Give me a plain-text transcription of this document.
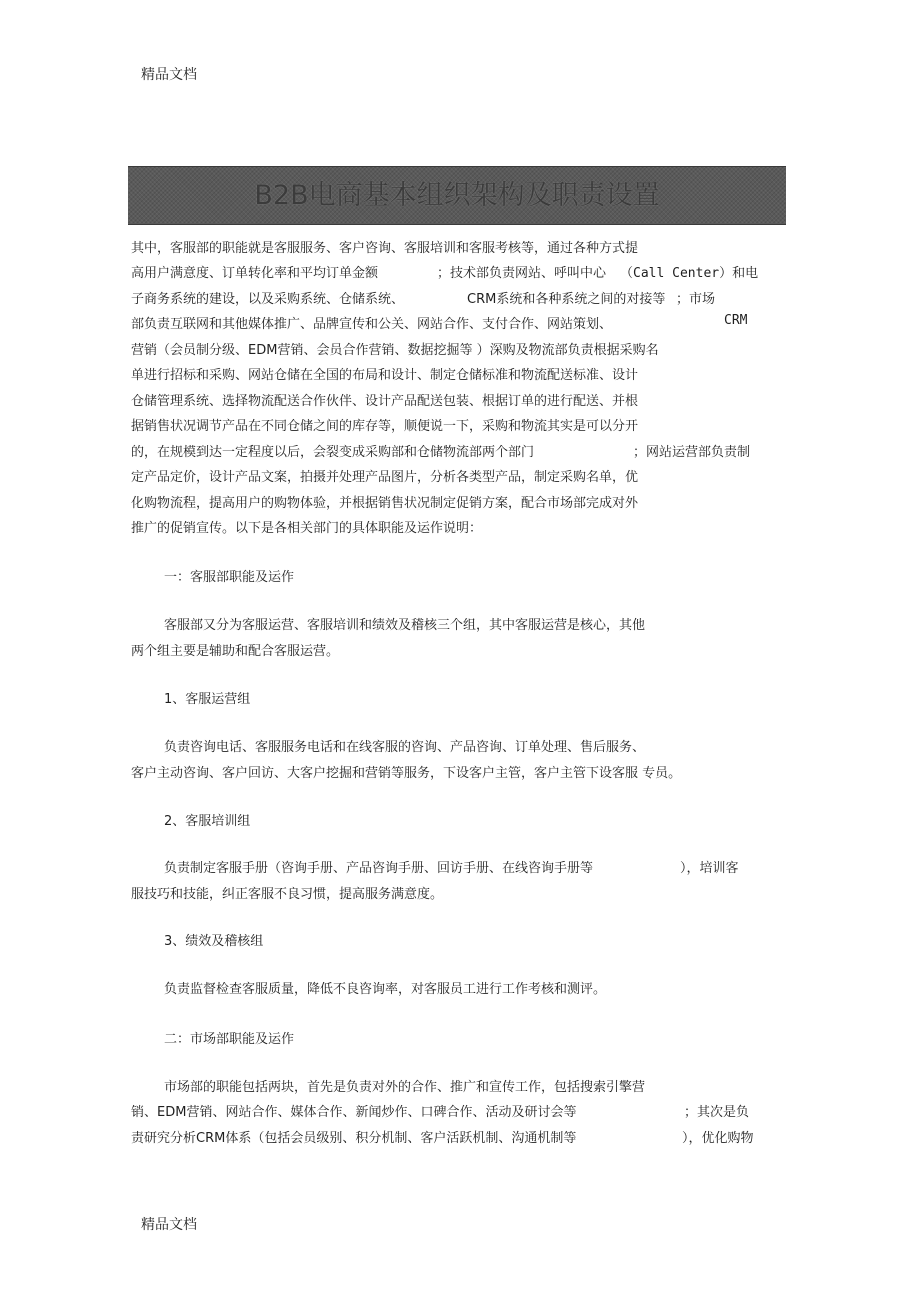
精品文档
B2B电商基本组织架构及职责设置
其中，客服部的职能就是客服服务、客户咨询、客服培训和客服考核等，通过各种方式提
高用户满意度、订单转化率和平均订单金额	；技术部负责网站、呼叫中心 （Call Center）和电
子商务系统的建设，以及采购系统、仓储系统、	CRM系统和各种系统之间的对接等 ；市场
部负责互联网和其他媒体推广、品牌宣传和公关、网站合作、支付合作、网站策划、	CRM
营销（会员制分级、EDM营销、会员合作营销、数据挖掘等 ）深购及物流部负责根据采购名
单进行招标和采购、网站仓储在全国的布局和设计、制定仓储标准和物流配送标准、设计
仓储管理系统、选择物流配送合作伙伴、设计产品配送包装、根据订单的进行配送、并根
据销售状况调节产品在不同仓储之间的库存等，顺便说一下，采购和物流其实是可以分开
的，在规模到达一定程度以后，会裂变成采购部和仓储物流部两个部门	；网站运营部负责制
定产品定价，设计产品文案，拍摄并处理产品图片，分析各类型产品，制定采购名单，优
化购物流程，提高用户的购物体验，并根据销售状况制定促销方案，配合市场部完成对外
推广的促销宣传。以下是各相关部门的具体职能及运作说明：
一：客服部职能及运作
客服部又分为客服运营、客服培训和绩效及稽核三个组，其中客服运营是核心，其他
两个组主要是辅助和配合客服运营。
1、客服运营组
负责咨询电话、客服服务电话和在线客服的咨询、产品咨询、订单处理、售后服务、
客户主动咨询、客户回访、大客户挖掘和营销等服务，下设客户主管，客户主管下设客服 专员。
2、客服培训组
负责制定客服手册（咨询手册、产品咨询手册、回访手册、在线咨询手册等	），培训客
服技巧和技能，纠正客服不良习惯，提高服务满意度。
3、绩效及稽核组
负责监督检查客服质量，降低不良咨询率，对客服员工进行工作考核和测评。
二：市场部职能及运作
市场部的职能包括两块，首先是负责对外的合作、推广和宣传工作，包括搜索引擎营
销、EDM营销、网站合作、媒体合作、新闻炒作、口碑合作、活动及研讨会等	；其次是负
责研究分析CRM体系（包括会员级别、积分机制、客户活跃机制、沟通机制等	），优化购物
精品文档
